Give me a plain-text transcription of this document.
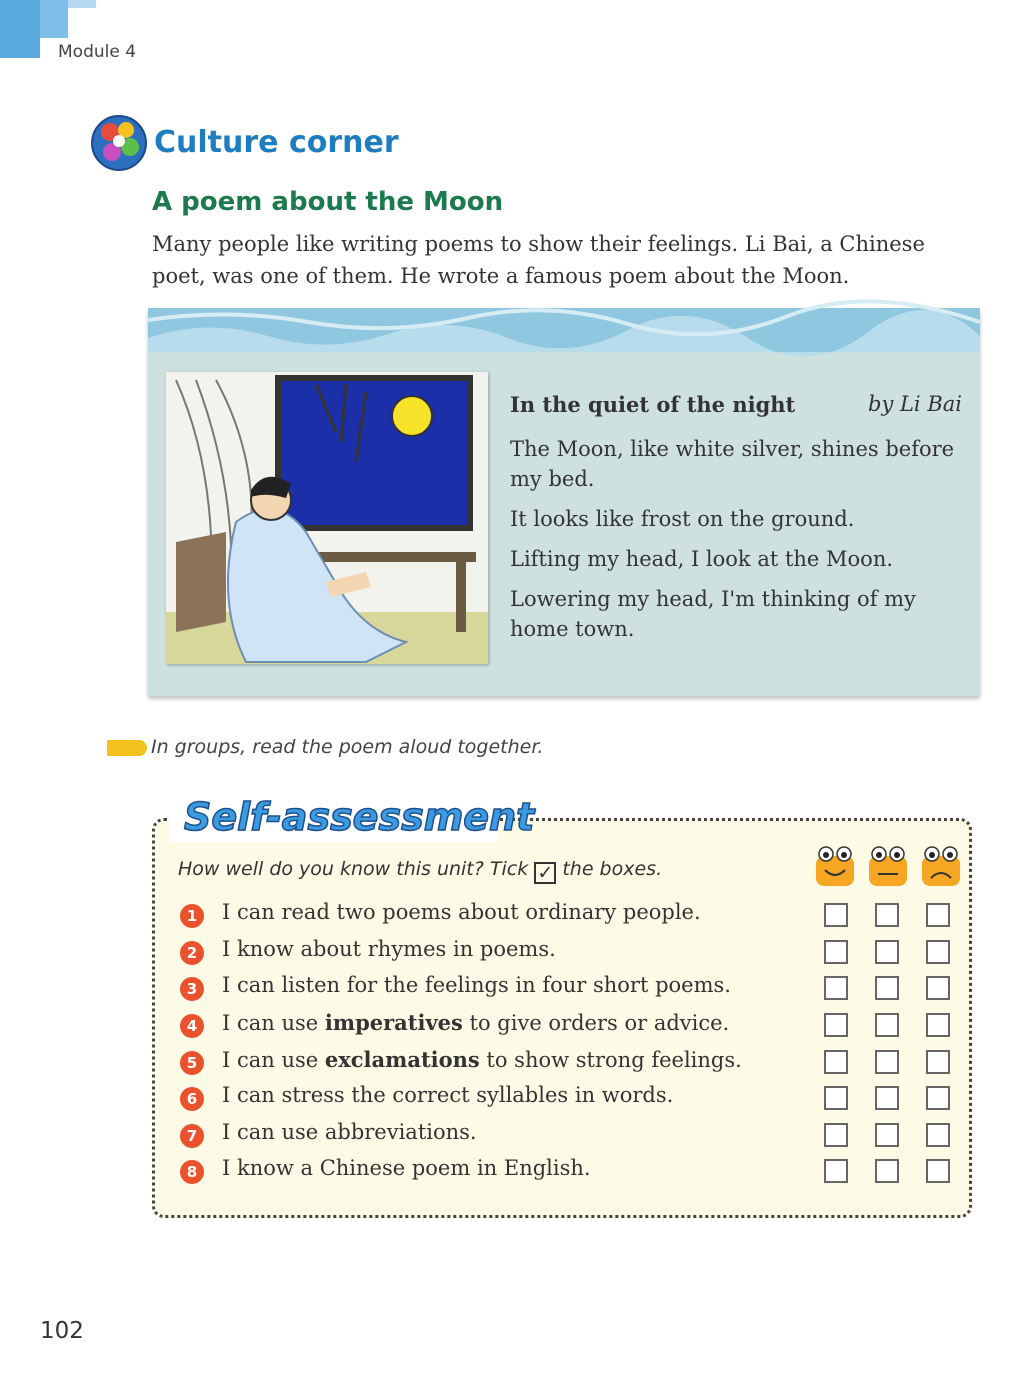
Module 4
Culture corner
A poem about the Moon
Many people like writing poems to show their feelings. Li Bai, a Chinese poet, was one of them. He wrote a famous poem about the Moon.
In the quiet of the night	by Li Bai
The Moon, like white silver, shines before my bed.
It looks like frost on the ground.
Lifting my head, I look at the Moon.
Lowering my head, I'm thinking of my home town.
In groups, read the poem aloud together.
Self-assessment
How well do you know this unit? Tick ✓ the boxes.
1	I can read two poems about ordinary people.
2	I know about rhymes in poems.
3	I can listen for the feelings in four short poems.
4	I can use imperatives to give orders or advice.
5	I can use exclamations to show strong feelings.
6	I can stress the correct syllables in words.
7	I can use abbreviations.
8	I know a Chinese poem in English.
102
